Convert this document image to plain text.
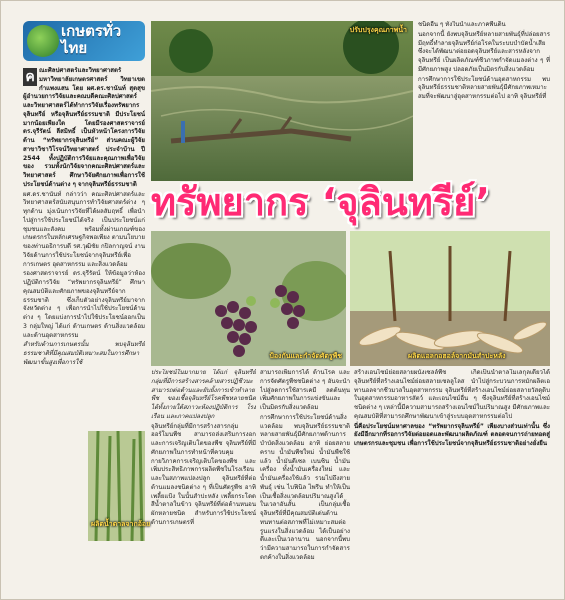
เกษตรทั่วไทย

ค ณะศิลปศาสตร์และวิทยาศาสตร์ มหาวิทยาลัยเกษตรศาสตร์ วิทยาเขตกำแพงแสน โดย ผศ.ดร.ชานันท์ สุดสุข ผู้อำนวยการวิจัยและคณบดีคณะศิลปศาสตร์และวิทยาศาสตร์ได้ทำการวิจัยเรื่องทรัพยากรจุลินทรีย์ หรือจุลินทรีย์ธรรมชาติ มีประโยชน์มากน้อยเพียงใด โดยมีรองศาสตราจารย์ ดร.จุรีรัตน์ ลีสมิทธิ์ เป็นหัวหน้าโครงการวิจัยด้าน “ทรัพยากรจุลินทรีย์” ส่วนคณะผู้วิจัยสาขาวิชาวิโรจน์วิทยาศาสตร์ ประจำบ้าน ปี 2544 ทั้งปฏิบัติการวิจัยและคุณภาพเพื่อวิจัยของ รวมทั้งนักวิจัยจากคณะศิลปศาสตร์และวิทยาศาสตร์ ศึกษาวิจัยศักยภาพเพื่อการใช้ประโยชน์ด้านต่าง ๆ จากจุลินทรีย์ธรรมชาติ

ผศ.ดร.ชานันท์ กล่าวว่า คณะศิลปศาสตร์และวิทยาศาสตร์สนับสนุนการทำวิจัยศาสตร์ต่าง ๆ ทุกด้าน มุ่งเน้นการวิจัยที่ได้ผลสัมฤทธิ์ เพื่อนำไปสู่การใช้ประโยชน์ได้จริง เป็นประโยชน์แก่ชุมชนและสังคม พร้อมทั้งผ่านเกณฑ์ของเกษตรกรในหลักเศรษฐกิจพอเพียง ตามนโยบายของท่านอธิการบดี รศ.วุฒิชัย กปิลกาญจน์ งานวิจัยด้านการใช้ประโยชน์จากจุลินทรีย์เพื่อการเกษตร อุตสาหกรรม และสิ่งแวดล้อม

รองศาสตราจารย์ ดร.จุรีรัตน์ ให้ข้อมูลว่าห้องปฏิบัติการวิจัย “ทรัพยากรจุลินทรีย์” ศึกษาคุณสมบัติและศักยภาพของจุลินทรีย์จากธรรมชาติ ซึ่งเก็บตัวอย่างจุลินทรีย์มาจากจังหวัดต่าง ๆ เพื่อการนำไปใช้ประโยชน์ด้านต่าง ๆ โดยแบ่งการนำไปใช้ประโยชน์ออกเป็น 3 กลุ่มใหญ่ ได้แก่ ด้านเกษตร ด้านสิ่งแวดล้อม และด้านอุตสาหกรรม

สำหรับด้านการเกษตรนั้น พบจุลินทรีย์ธรรมชาติที่มีคุณสมบัติเหมาะสมในการศึกษาพัฒนาขั้นสูงเพื่อการใช้

ปรับปรุงคุณภาพน้ำ

ชนิดอื่น ๆ ทั้งในน้ำและภาคพื้นดิน

นอกจากนี้ ยังพบจุลินทรีย์หลายสายพันธุ์ที่ปล่อยสารมีฤทธิ์ทำลายจุลินทรีย์ก่อโรคในระบบบำบัดน้ำเสีย ซึ่งจะได้พัฒนาต่อยอดจุลินทรีย์และสารหลังจากจุลินทรีย์ เป็นผลิตภัณฑ์ชีวภาพกำจัดแมลงต่าง ๆ ที่มีศักยภาพสูง ปลอดภัยเป็นมิตรกับสิ่งแวดล้อม

การศึกษาการใช้ประโยชน์ด้านอุตสาหกรรม พบจุลินทรีย์ธรรมชาติหลายสายพันธุ์มีศักยภาพเหมาะสมที่จะพัฒนาสู่อุตสาหกรรมต่อไป อาทิ จุลินทรีย์ที่

ทรัพยากร ‘จุลินทรีย์’
ป้องกันและกำจัดศัตรูพืช	ผลิตแอลกอฮอล์จากมันสำปะหลัง
ผลิตน้ำตาลจากอ้อย

ประโยชน์ในมากมาย ได้แก่ จุลินทรีย์กลุ่มที่มีการสร้างสารคล้ายสารปฏิชีวนะ สามารถต่อต้านและยับยั้งการเข้าทำลายพืช ของเชื้อจุลินทรีย์โรคพืชหลายชนิด ได้ทั้งภายใต้สภาวะห้องปฏิบัติการ โรงเรือน และภาคแปลงปลูก

จุลินทรีย์กลุ่มที่มีการสร้างสารกลุ่มฮอร์โมนพืช สามารถส่งเสริมการงอกและการเจริญเติบโตของพืช จุลินทรีย์ที่มีศักยภาพในการทำหน้าที่ควบคุมกายวิภาคการเจริญเติบโตของพืช และเพิ่มประสิทธิภาพการผลิตพืชในโรงเรือน และในสภาพแปลงปลูก จุลินทรีย์ที่ต่อต้านแมลงชนิดต่าง ๆ ที่เป็นศัตรูพืช อาทิ เพลี้ยแป้ง ในนั้นสำปะหลัง เพลี้ยกระโดดสีน้ำตาลในข้าว จุลินทรีย์ที่ต่อต้านหนอนผักหลายชนิด สำหรับการใช้ประโยชน์ด้านการเกษตรที่

สามารถเพิ่มการได้ ด้านโรค และการจัดศัตรูพืชชนิดต่าง ๆ อันจะนำไปสู่ลดการใช้สารเคมี ลดต้นทุน เพิ่มศักยภาพในการแข่งขันและเป็นมิตรกับสิ่งแวดล้อม

การศึกษาการใช้ประโยชน์ด้านสิ่งแวดล้อม พบจุลินทรีย์ธรรมชาติหลายสายพันธุ์มีศักยภาพด้านการบำบัดสิ่งแวดล้อม อาทิ ย่อยสลายคราบ น้ำมันพืชใหม่ น้ำมันพืชใช้แล้ว น้ำมันดีเซล เบนซิน น้ำมันเครื่อง ทั้งน้ำมันเครื่องใหม่ และน้ำมันเครื่องใช้แล้ว รวมไปถึงสายพันธุ์ เช่น ไบฟินิล ไพรีน ทำให้เป็นเป็นเชื้อสิ่งแวดล้อมปริมาณสูงได้ในเวลาอันสั้น เป็นกลุ่มเชื้อจุลินทรีย์ที่มีคุณสมบัติเด่นด้าน ทนทานต่อสภาพที่ไม่เหมาะสมต่อรูนแรงในสิ่งแวดล้อม ได้เป็นอย่างดีและเป็นเวลานาน นอกจากนี้พบว่ามีความสามารถในการกำจัดสารตกค้างในสิ่งแวดล้อม

สร้างเอนไซม์ย่อยสลายผนังเซลล์พืช เกิดเป็นน้ำตาลโมเลกุลเดี่ยวได้ จุลินทรีย์ที่สร้างเอนไซม์ย่อยสลายเซลลูโลส นำไปสู่กระบวนการหมักผลิตเอทานอลจากชีวมวลในอุตสาหกรรม จุลินทรีย์ที่สร้างเอนไซม์ย่อยสลายวัสดุดิบในอุตสาหกรรมอาหารสัตว์ และเอนไซม์อื่น ๆ ซึ่งจุลินทรีย์ที่สร้างเอนไซม์ชนิดต่าง ๆ เหล่านี้มีความสามารถสร้างเอนไซม์ในปริมาณสูง มีศักยภาพและคุณสมบัติที่สามารถศึกษาพัฒนาเข้าสู่ระบบอุตสาหกรรมต่อไป

นี่คือประโยชน์มหาศาลของ “ทรัพยากรจุลินทรีย์” เพียงบางส่วนเท่านั้น ซึ่งยังมีอีกมากที่รอการวิจัยต่อยอดและพัฒนาผลิตภัณฑ์ ตลอดจนการถ่ายทอดสู่เกษตรกรและชุมชน เพื่อการใช้ประโยชน์จากจุลินทรีย์ธรรมชาติอย่างยั่งยืน
